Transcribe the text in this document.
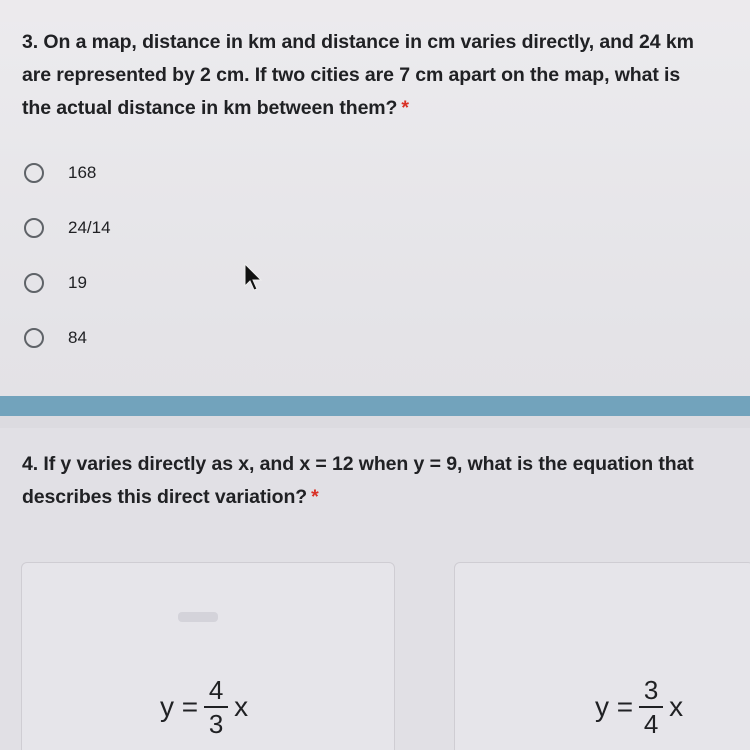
3. On a map, distance in km and distance in cm varies directly, and 24 km
are represented by 2 cm. If two cities are 7 cm apart on the map, what is
the actual distance in km between them? *
168
24/14
19
84
4. If y varies directly as x, and x = 12 when y = 9, what is the equation that
describes this direct variation? *
$y = \frac{4}{3}$ x	$y = \frac{3}{4}$ x
